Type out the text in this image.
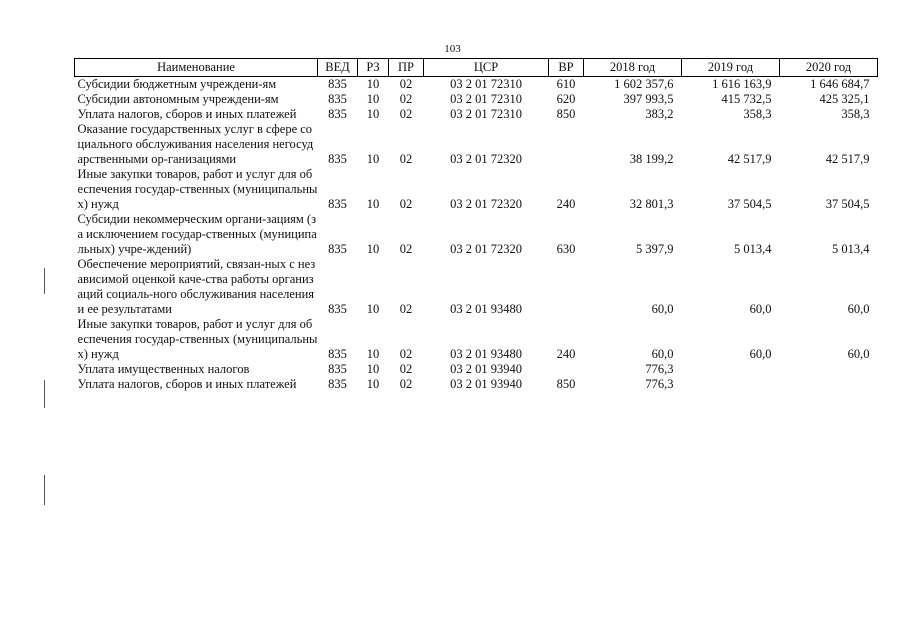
103
Наименование	ВЕД	РЗ	ПР	ЦСР	ВР	2018 год	2019 год	2020 год
Субсидии бюджетным учреждени-ям	835	10	02	03 2 01 72310	610	1 602 357,6	1 616 163,9	1 646 684,7
Субсидии автономным учреждени-ям	835	10	02	03 2 01 72310	620	397 993,5	415 732,5	425 325,1
Уплата налогов, сборов и иных платежей	835	10	02	03 2 01 72310	850	383,2	358,3	358,3
Оказание государственных услуг в сфере социального обслуживания населения негосударственными ор-ганизациями	835	10	02	03 2 01 72320		38 199,2	42 517,9	42 517,9
Иные закупки товаров, работ и услуг для обеспечения государ-ственных (муниципальных) нужд	835	10	02	03 2 01 72320	240	32 801,3	37 504,5	37 504,5
Субсидии некоммерческим органи-зациям (за исключением государ-ственных (муниципальных) учре-ждений)	835	10	02	03 2 01 72320	630	5 397,9	5 013,4	5 013,4
Обеспечение мероприятий, связан-ных с независимой оценкой каче-ства работы организаций социаль-ного обслуживания населения и ее результатами	835	10	02	03 2 01 93480		60,0	60,0	60,0
Иные закупки товаров, работ и услуг для обеспечения государ-ственных (муниципальных) нужд	835	10	02	03 2 01 93480	240	60,0	60,0	60,0
Уплата имущественных налогов	835	10	02	03 2 01 93940		776,3		
Уплата налогов, сборов и иных платежей	835	10	02	03 2 01 93940	850	776,3		
